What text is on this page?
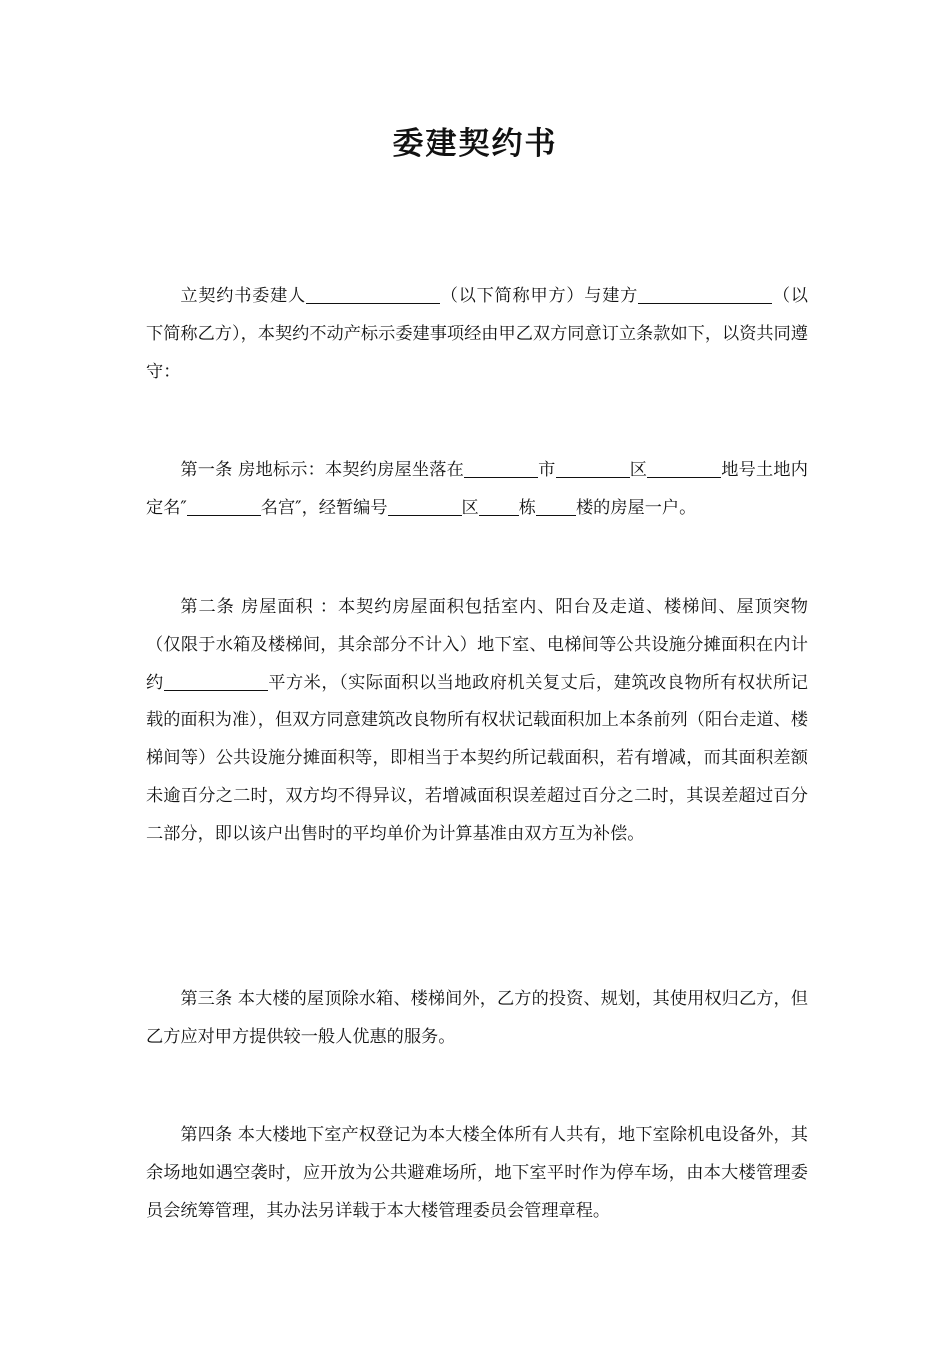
委建契约书

立契约书委建人	（以下简称甲方）与建方	（以下简称乙方），本契约不动产标示委建事项经由甲乙双方同意订立条款如下，以资共同遵守：

第一条 房地标示：本契约房屋坐落在	市	区	地号土地内定名″	名宫″，经暂编号	区 栋 楼的房屋一户。

第二条 房屋面积 ：本契约房屋面积包括室内、阳台及走道、楼梯间、屋顶突物（仅限于水箱及楼梯间，其余部分不计入）地下室、电梯间等公共设施分摊面积在内计约	平方米，（实际面积以当地政府机关复丈后，建筑改良物所有权状所记载的面积为准），但双方同意建筑改良物所有权状记载面积加上本条前列（阳台走道、楼梯间等）公共设施分摊面积等，即相当于本契约所记载面积，若有增减，而其面积差额未逾百分之二时，双方均不得异议，若增减面积误差超过百分之二时，其误差超过百分二部分，即以该户出售时的平均单价为计算基准由双方互为补偿。

第三条 本大楼的屋顶除水箱、楼梯间外，乙方的投资、规划，其使用权归乙方，但乙方应对甲方提供较一般人优惠的服务。

第四条 本大楼地下室产权登记为本大楼全体所有人共有，地下室除机电设备外，其余场地如遇空袭时，应开放为公共避难场所，地下室平时作为停车场，由本大楼管理委员会统筹管理，其办法另详载于本大楼管理委员会管理章程。
